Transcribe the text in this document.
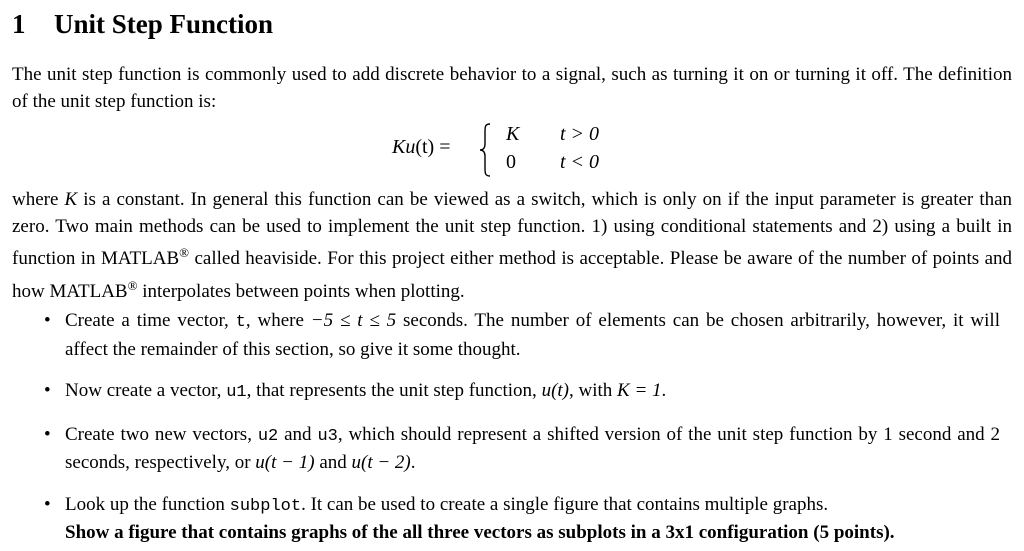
1 Unit Step Function

The unit step function is commonly used to add discrete behavior to a signal, such as turning it on or turning it off. The definition of the unit step function is:

Ku(t) =
K
0
t > 0
t < 0

where K is a constant. In general this function can be viewed as a switch, which is only on if the input parameter is greater than zero. Two main methods can be used to implement the unit step function. 1) using conditional statements and 2) using a built in function in MATLAB® called heaviside. For this project either method is acceptable. Please be aware of the number of points and how MATLAB® interpolates between points when plotting.

• Create a time vector, t, where −5 ≤ t ≤ 5 seconds. The number of elements can be chosen arbitrarily, however, it will affect the remainder of this section, so give it some thought.
• Now create a vector, u1, that represents the unit step function, u(t), with K = 1.
• Create two new vectors, u2 and u3, which should represent a shifted version of the unit step function by 1 second and 2 seconds, respectively, or u(t − 1) and u(t − 2).
• Look up the function subplot. It can be used to create a single figure that contains multiple graphs.
Show a figure that contains graphs of the all three vectors as subplots in a 3x1 configuration (5 points).
